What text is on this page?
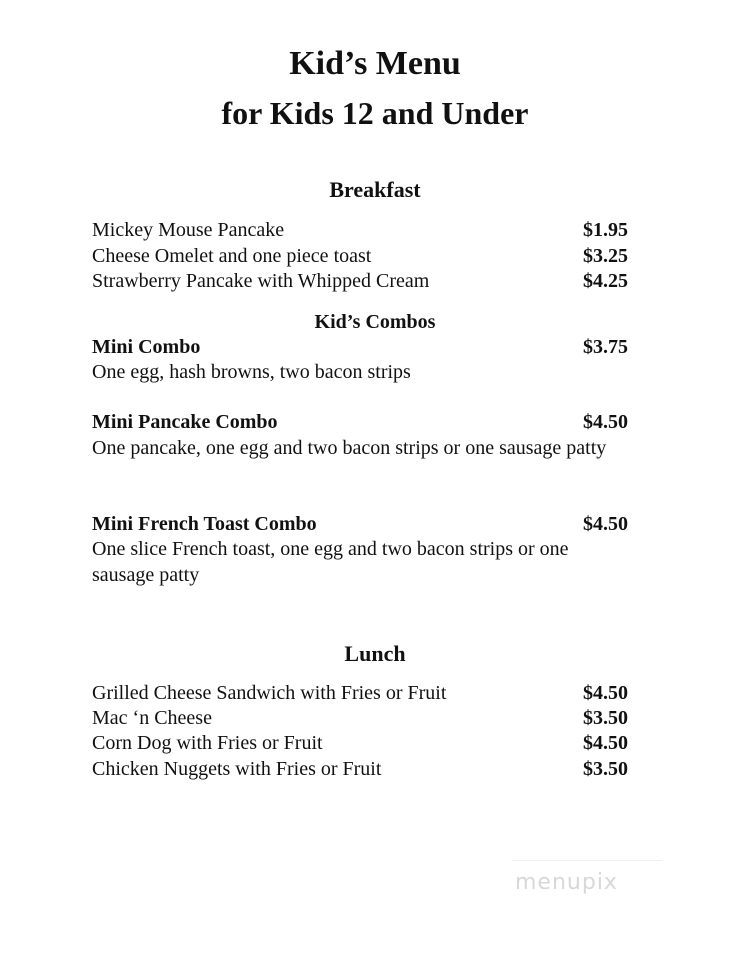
Kid’s Menu
for Kids 12 and Under
Breakfast
Mickey Mouse Pancake	$1.95
Cheese Omelet and one piece toast	$3.25
Strawberry Pancake with Whipped Cream	$4.25
Kid’s Combos
Mini Combo	$3.75
One egg, hash browns, two bacon strips
Mini Pancake Combo	$4.50
One pancake, one egg and two bacon strips or one sausage patty
Mini French Toast Combo	$4.50
One slice French toast, one egg and two bacon strips or one sausage patty
Lunch
Grilled Cheese Sandwich with Fries or Fruit	$4.50
Mac ‘n Cheese	$3.50
Corn Dog with Fries or Fruit	$4.50
Chicken Nuggets with Fries or Fruit	$3.50
menupix
